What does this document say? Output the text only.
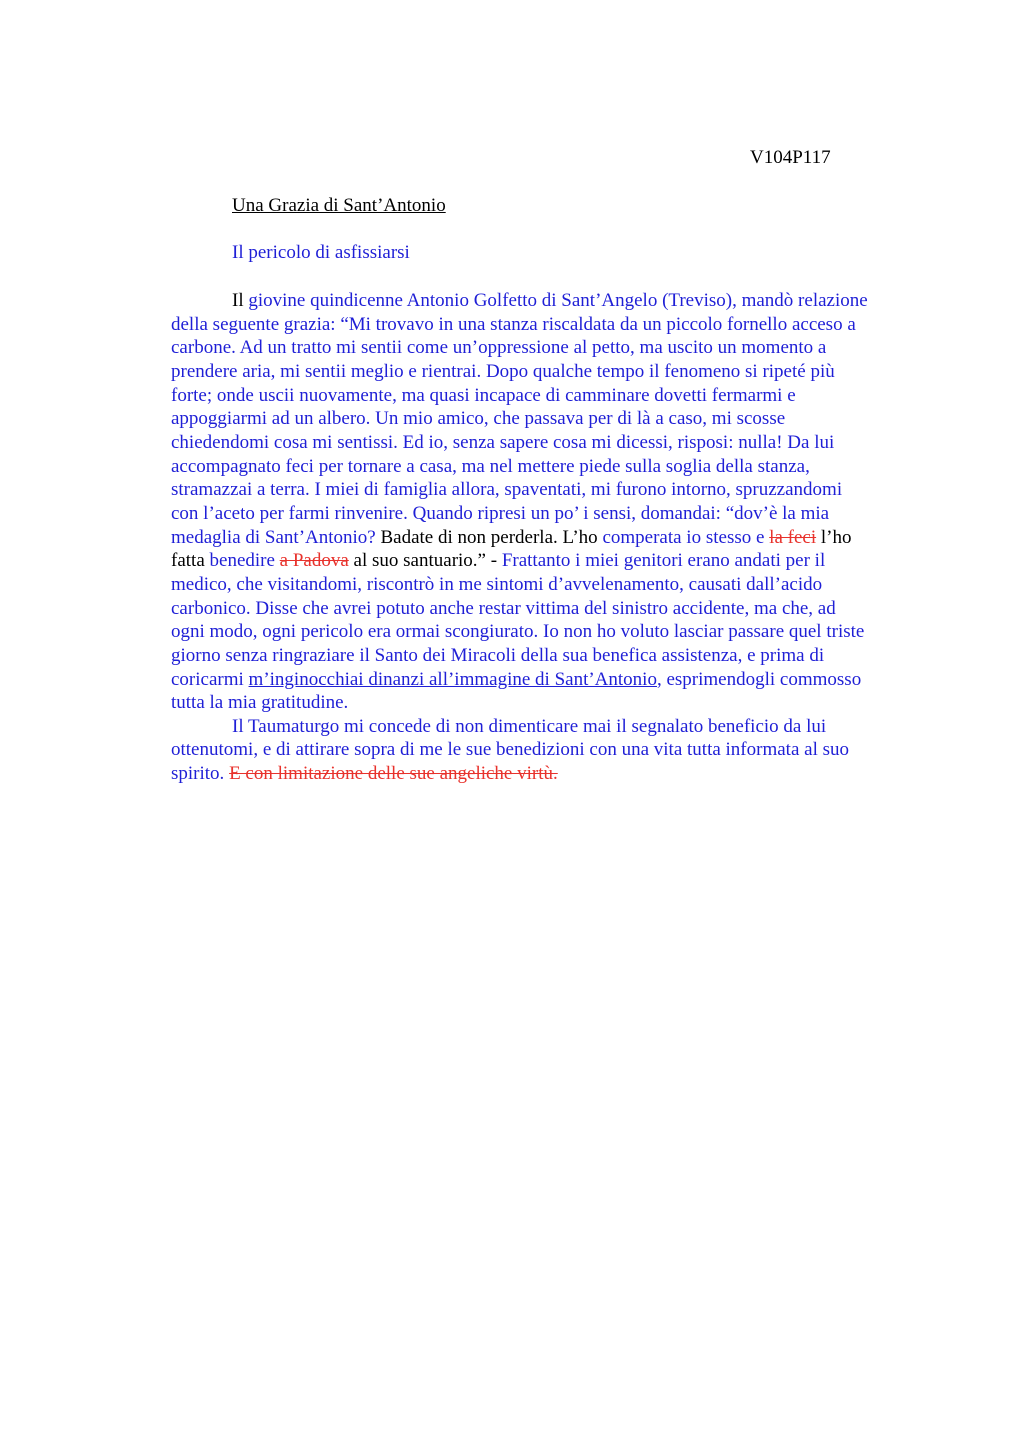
V104P117
Una Grazia di Sant’Antonio
Il pericolo di asfissiarsi

Il giovine quindicenne Antonio Golfetto di Sant’Angelo (Treviso), mandò relazione
della seguente grazia: “Mi trovavo in una stanza riscaldata da un piccolo fornello acceso a
carbone. Ad un tratto mi sentii come un’oppressione al petto, ma uscito un momento a
prendere aria, mi sentii meglio e rientrai. Dopo qualche tempo il fenomeno si ripeté più
forte; onde uscii nuovamente, ma quasi incapace di camminare dovetti fermarmi e
appoggiarmi ad un albero. Un mio amico, che passava per di là a caso, mi scosse
chiedendomi cosa mi sentissi. Ed io, senza sapere cosa mi dicessi, risposi: nulla! Da lui
accompagnato feci per tornare a casa, ma nel mettere piede sulla soglia della stanza,
stramazzai a terra. I miei di famiglia allora, spaventati, mi furono intorno, spruzzandomi
con l’aceto per farmi rinvenire. Quando ripresi un po’ i sensi, domandai: “dov’è la mia
medaglia di Sant’Antonio? Badate di non perderla. L’ho comperata io stesso e la feci l’ho
fatta benedire a Padova al suo santuario.” - Frattanto i miei genitori erano andati per il
medico, che visitandomi, riscontrò in me sintomi d’avvelenamento, causati dall’acido
carbonico. Disse che avrei potuto anche restar vittima del sinistro accidente, ma che, ad
ogni modo, ogni pericolo era ormai scongiurato. Io non ho voluto lasciar passare quel triste
giorno senza ringraziare il Santo dei Miracoli della sua benefica assistenza, e prima di
coricarmi m’inginocchiai dinanzi all’immagine di Sant’Antonio, esprimendogli commosso
tutta la mia gratitudine.

Il Taumaturgo mi concede di non dimenticare mai il segnalato beneficio da lui
ottenutomi, e di attirare sopra di me le sue benedizioni con una vita tutta informata al suo
spirito. E con limitazione delle sue angeliche virtù.
